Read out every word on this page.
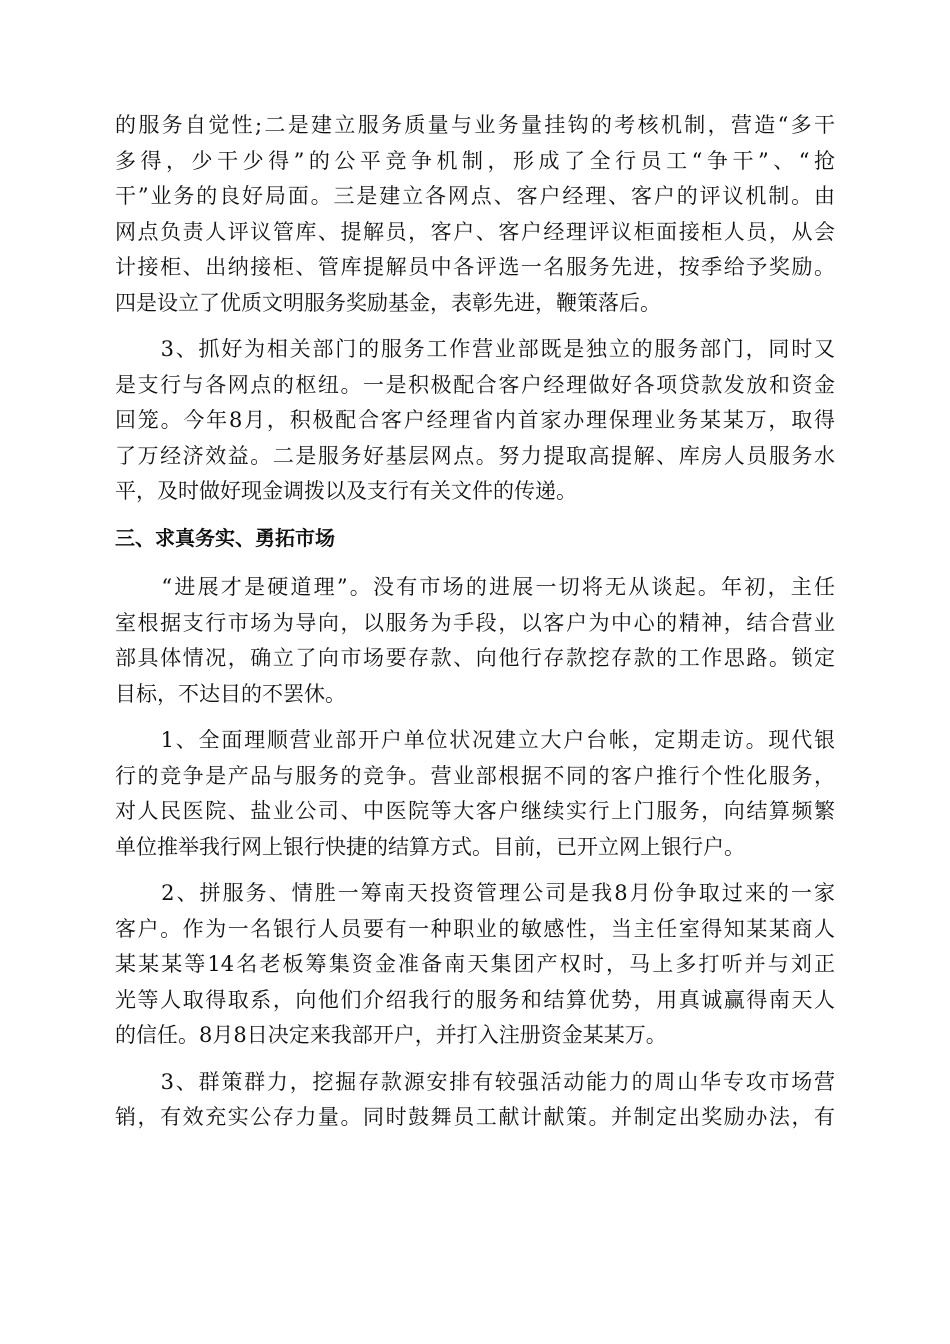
的服务自觉性;二是建立服务质量与业务量挂钩的考核机制，营造“多干
多得，少干少得”的公平竞争机制，形成了全行员工“争干”、“抢
干”业务的良好局面。三是建立各网点、客户经理、客户的评议机制。由
网点负责人评议管库、提解员，客户、客户经理评议柜面接柜人员，从会
计接柜、出纳接柜、管库提解员中各评选一名服务先进，按季给予奖励。
四是设立了优质文明服务奖励基金，表彰先进，鞭策落后。
　　3、抓好为相关部门的服务工作营业部既是独立的服务部门，同时又
是支行与各网点的枢纽。一是积极配合客户经理做好各项贷款发放和资金
回笼。今年8月，积极配合客户经理省内首家办理保理业务某某万，取得
了万经济效益。二是服务好基层网点。努力提取高提解、库房人员服务水
平，及时做好现金调拨以及支行有关文件的传递。
三、求真务实、勇拓市场
　　“进展才是硬道理”。没有市场的进展一切将无从谈起。年初，主任
室根据支行市场为导向，以服务为手段，以客户为中心的精神，结合营业
部具体情况，确立了向市场要存款、向他行存款挖存款的工作思路。锁定
目标，不达目的不罢休。
　　1、全面理顺营业部开户单位状况建立大户台帐，定期走访。现代银
行的竞争是产品与服务的竞争。营业部根据不同的客户推行个性化服务，
对人民医院、盐业公司、中医院等大客户继续实行上门服务，向结算频繁
单位推举我行网上银行快捷的结算方式。目前，已开立网上银行户。
　　2、拼服务、情胜一筹南天投资管理公司是我8月份争取过来的一家
客户。作为一名银行人员要有一种职业的敏感性，当主任室得知某某商人
某某某等14名老板筹集资金准备南天集团产权时，马上多打听并与刘正
光等人取得取系，向他们介绍我行的服务和结算优势，用真诚赢得南天人
的信任。8月8日决定来我部开户，并打入注册资金某某万。
　　3、群策群力，挖掘存款源安排有较强活动能力的周山华专攻市场营
销，有效充实公存力量。同时鼓舞员工献计献策。并制定出奖励办法，有
